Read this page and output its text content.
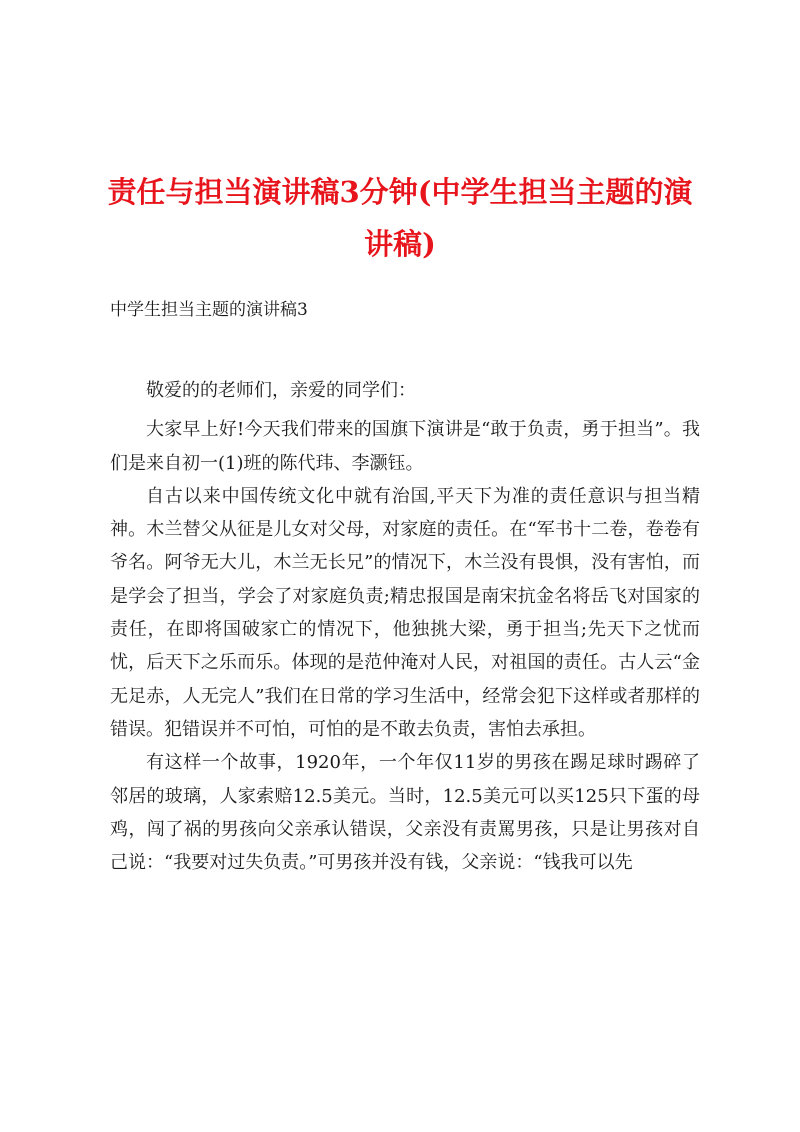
责任与担当演讲稿3分钟(中学生担当主题的演讲稿)

中学生担当主题的演讲稿3

敬爱的的老师们，亲爱的同学们：

大家早上好!今天我们带来的国旗下演讲是“敢于负责，勇于担当”。我们是来自初一(1)班的陈代玮、李灏钰。

自古以来中国传统文化中就有治国,平天下为准的责任意识与担当精神。木兰替父从征是儿女对父母，对家庭的责任。在“军书十二卷，卷卷有爷名。阿爷无大儿，木兰无长兄”的情况下，木兰没有畏惧，没有害怕，而是学会了担当，学会了对家庭负责;精忠报国是南宋抗金名将岳飞对国家的责任，在即将国破家亡的情况下，他独挑大梁，勇于担当;先天下之忧而忧，后天下之乐而乐。体现的是范仲淹对人民，对祖国的责任。古人云“金无足赤，人无完人”我们在日常的学习生活中，经常会犯下这样或者那样的错误。犯错误并不可怕，可怕的是不敢去负责，害怕去承担。

有这样一个故事，1920年，一个年仅11岁的男孩在踢足球时踢碎了邻居的玻璃，人家索赔12.5美元。当时，12.5美元可以买125只下蛋的母鸡，闯了祸的男孩向父亲承认错误，父亲没有责罵男孩，只是让男孩对自己说：“我要对过失负责。”可男孩并没有钱，父亲说：“钱我可以先
